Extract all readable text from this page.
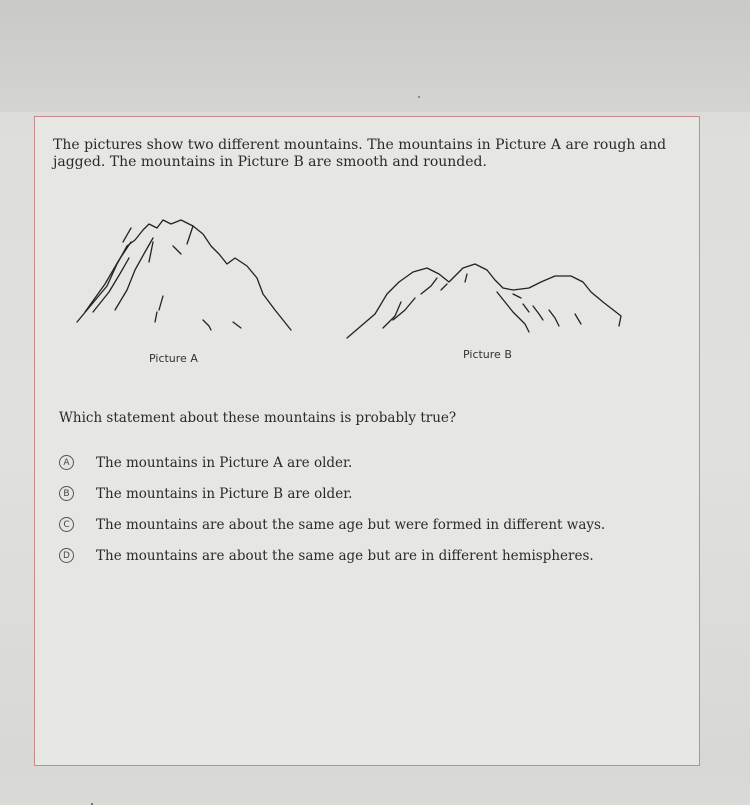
The pictures show two different mountains. The mountains in Picture A are rough and jagged. The mountains in Picture B are smooth and rounded.
Picture A	Picture B
Which statement about these mountains is probably true?
A	The mountains in Picture A are older.
B	The mountains in Picture B are older.
C	The mountains are about the same age but were formed in different ways.
D The mountains are about the same age but are in different hemispheres.
